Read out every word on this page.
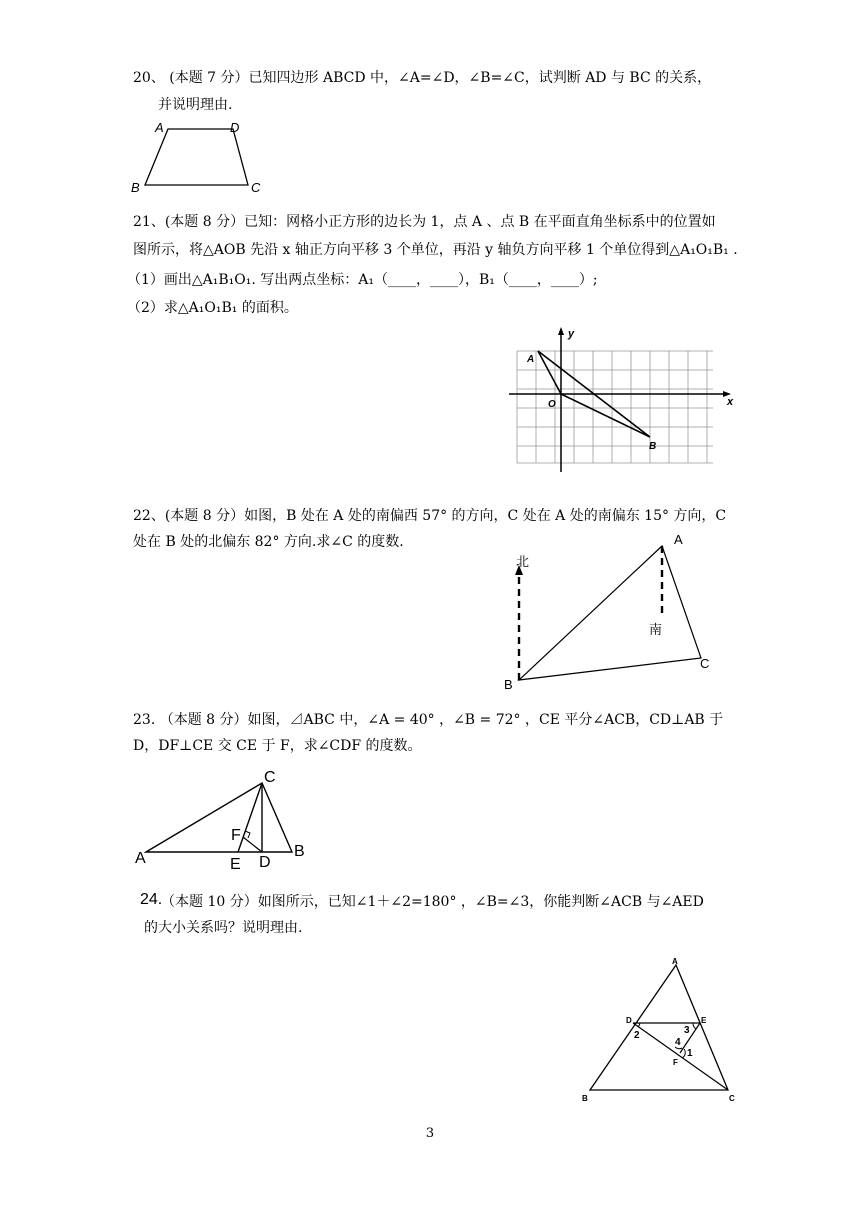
20、 (本题 7 分）已知四边形 ABCD 中，∠A=∠D，∠B=∠C，试判断 AD 与 BC 的关系，
并说明理由.
A	D
B	C
21、(本题 8 分）已知：网格小正方形的边长为 1，点 A 、点 B 在平面直角坐标系中的位置如
图所示，将△AOB 先沿 x 轴正方向平移 3 个单位，再沿 y 轴负方向平移 1 个单位得到△A₁O₁B₁ .
（1）画出△A₁B₁O₁. 写出两点坐标：A₁（____，____），B₁（____，____）;
（2）求△A₁O₁B₁ 的面积。
y
x
A
O
B
22、(本题 8 分）如图，B 处在 A 处的南偏西 57° 的方向，C 处在 A 处的南偏东 15° 方向，C
处在 B 处的北偏东 82° 方向.求∠C 的度数.
北
南
A
B
C
23. （本题 8 分）如图，⊿ABC 中，∠A = 40° ，∠B = 72° ，CE 平分∠ACB，CD⊥AB 于
D，DF⊥CE 交 CE 于 F，求∠CDF 的度数。
C
A	B
E D
F
24.
（本题 10 分）如图所示，已知∠1＋∠2=180° ，∠B=∠3，你能判断∠ACB 与∠AED
的大小关系吗？说明理由.
A
B	C
D	E
F
1
2	3
4
3
